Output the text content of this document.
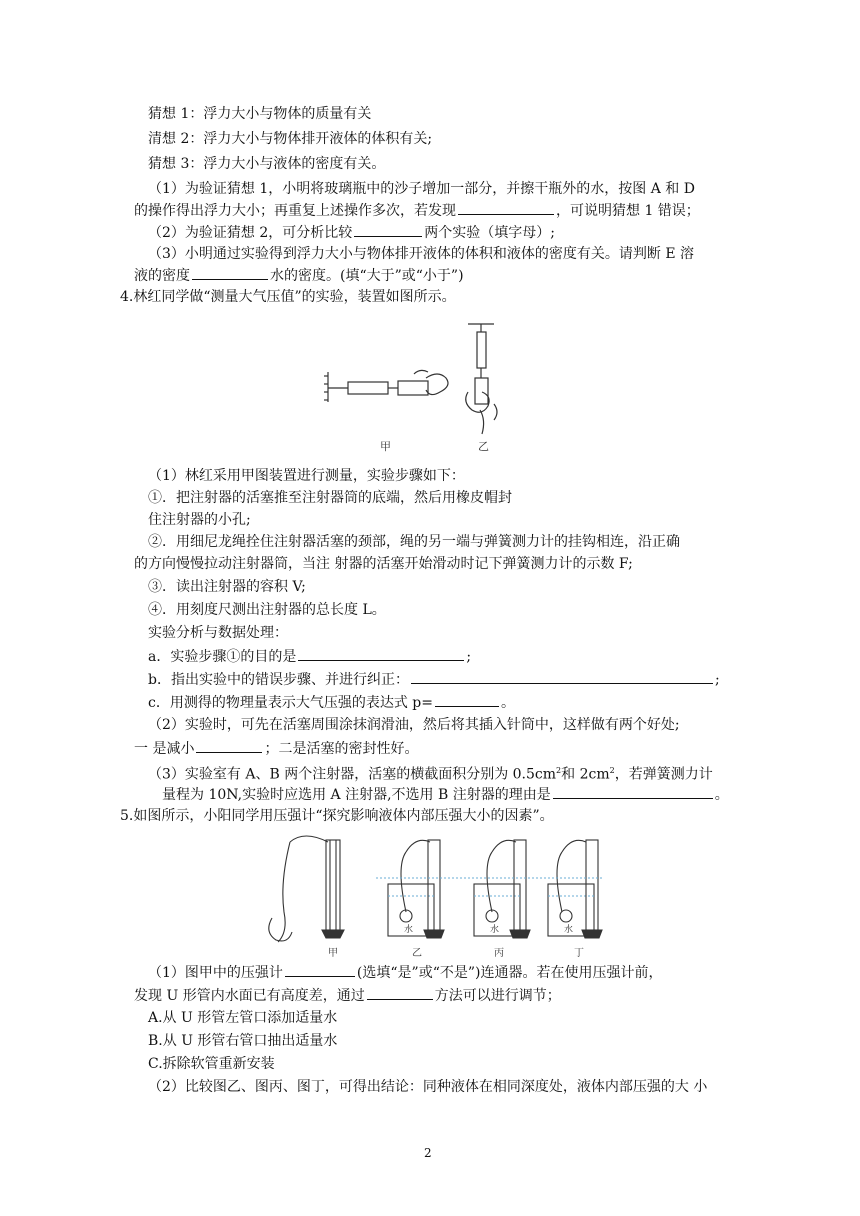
猜想 1：浮力大小与物体的质量有关
清想 2：浮力大小与物体排开液体的体积有关;
猜想 3：浮力大小与液体的密度有关。
（1）为验证猜想 1，小明将玻璃瓶中的沙子增加一部分，并擦干瓶外的水，按图 A 和 D
的操作得出浮力大小；再重复上述操作多次，若发现	，可说明猜想 1 错误；
（2）为验证猜想 2，可分析比较	两个实验（填字母）;
（3）小明通过实验得到浮力大小与物体排开液体的体积和液体的密度有关。请判断 E 溶
液的密度	水的密度。(填“大于”或“小于”)
4.林红同学做“测量大气压值”的实验，装置如图所示。
甲	乙
（1）林红采用甲图装置进行测量，实验步骤如下：
①．把注射器的活塞推至注射器筒的底端，然后用橡皮帽封
住注射器的小孔;
②．用细尼龙绳拴住注射器活塞的颈部，绳的另一端与弹簧测力计的挂钩相连，沿正确
的方向慢慢拉动注射器筒，当注 射器的活塞开始滑动时记下弹簧测力计的示数 F;
③．读出注射器的容积 V;
④．用刻度尺测出注射器的总长度 L。
实验分析与数据处理：
a．实验步骤①的目的是	;
b．指出实验中的错误步骤、并进行纠正：	;
c．用测得的物理量表示大气压强的表达式 p=	。
（2）实验时，可先在活塞周围涂抹润滑油，然后将其插入针筒中，这样做有两个好处;
一 是减小	；二是活塞的密封性好。
（3）实验室有 A、B 两个注射器，活塞的横截面积分别为 $0.5cm^2$和 $2cm^2$，若弹簧测力计
量程为 10N,实验时应选用 A 注射器,不选用 B 注射器的理由是	。
5.如图所示，小阳同学用压强计“探究影响液体内部压强大小的因素”。
水	水	水
甲	乙	丙	丁
（1）图甲中的压强计	(选填“是”或“不是”)连通器。若在使用压强计前，
发现 U 形管内水面已有高度差，通过	方法可以进行调节；
A.从 U 形管左管口添加适量水
B.从 U 形管右管口抽出适量水
C.拆除软管重新安装
（2）比较图乙、图丙、图丁，可得出结论：同种液体在相同深度处，液体内部压强的大 小
2
